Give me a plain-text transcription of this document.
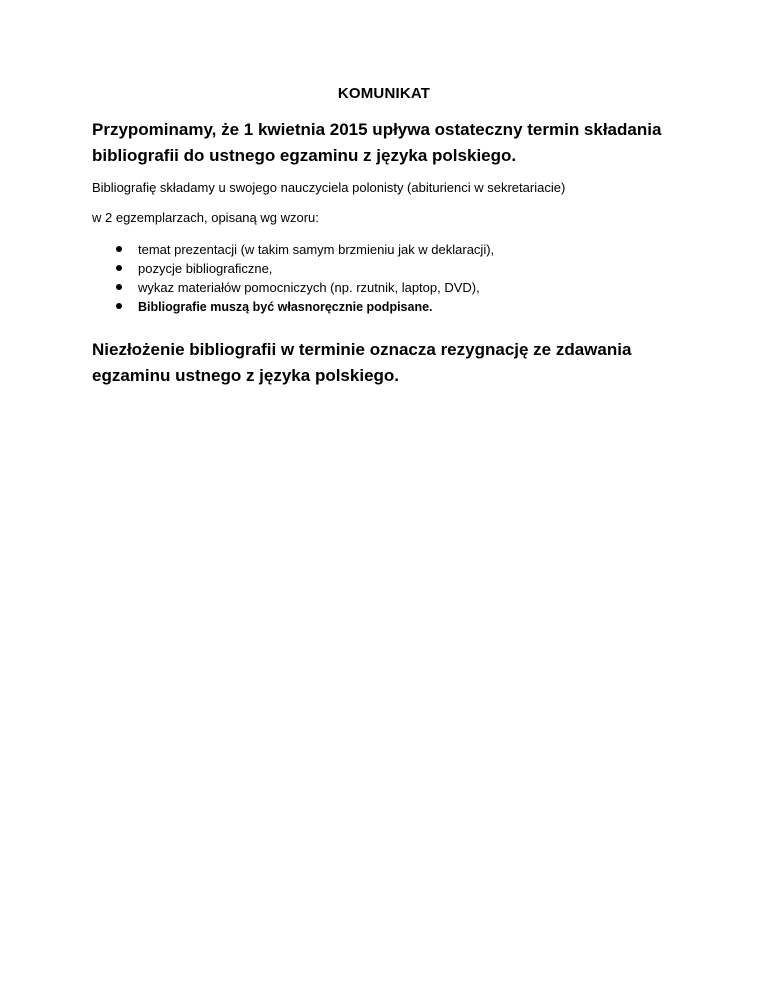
KOMUNIKAT

Przypominamy, że 1 kwietnia 2015 upływa ostateczny termin składania bibliografii do ustnego egzaminu z języka polskiego.

Bibliografię składamy u swojego nauczyciela polonisty (abiturienci w sekretariacie)

w 2 egzemplarzach, opisaną wg wzoru:

temat prezentacji (w takim samym brzmieniu jak w deklaracji),
pozycje bibliograficzne,
wykaz materiałów pomocniczych (np. rzutnik, laptop, DVD),
Bibliografie muszą być własnoręcznie podpisane.

Niezłożenie bibliografii w terminie oznacza rezygnację ze zdawania egzaminu ustnego z języka polskiego.
